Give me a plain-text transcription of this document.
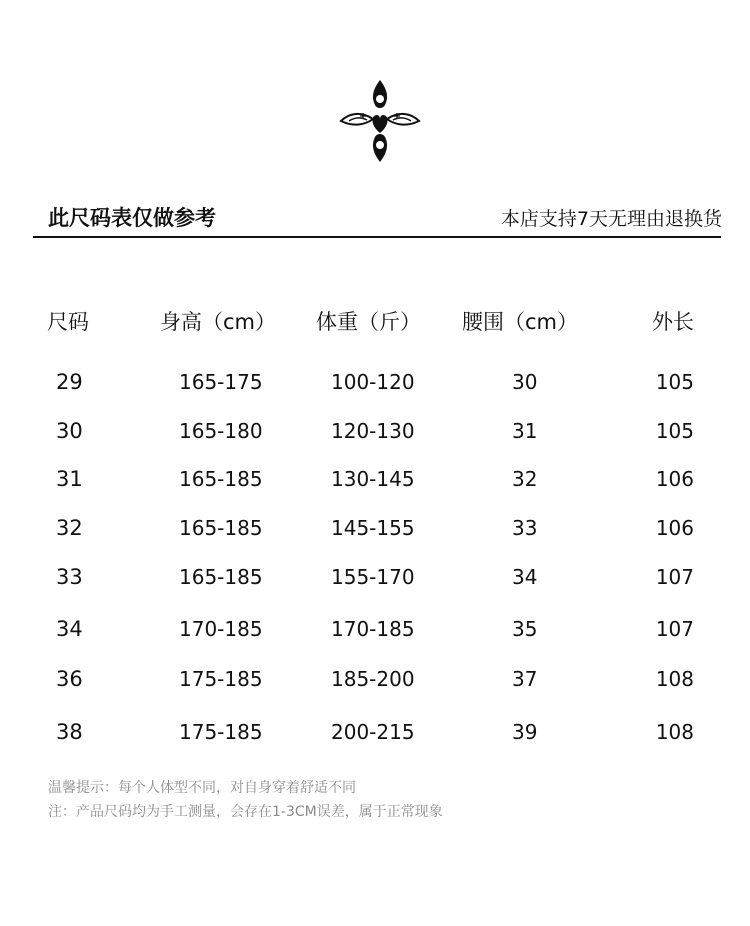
此尺码表仅做参考	本店支持7天无理由退换货
尺码	身高（cm） 体重（斤） 腰围（cm）	外长
29	165-175	100-120	30	105
30	165-180	120-130	31	105
31	165-185	130-145	32	106
32	165-185	145-155	33	106
33	165-185	155-170	34	107
34	170-185	170-185	35	107
36	175-185	185-200	37	108
38	175-185	200-215	39	108
温馨提示：每个人体型不同，对自身穿着舒适不同
注：产品尺码均为手工测量，会存在1-3CM误差，属于正常现象
